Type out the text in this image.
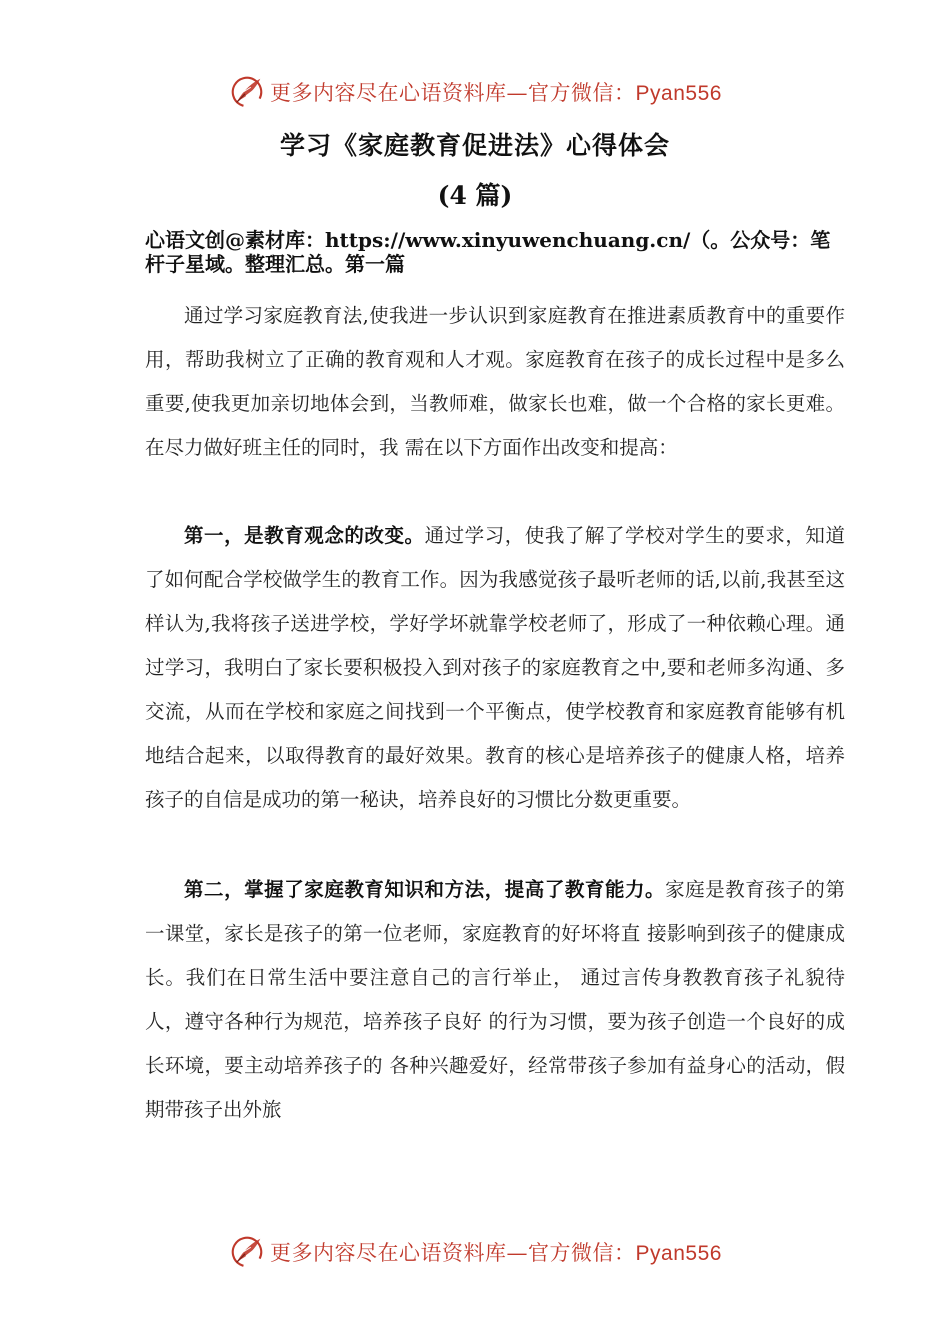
更多内容尽在心语资料库—官方微信：Pyan556
学习《家庭教育促进法》心得体会
(4 篇)
心语文创@素材库：https://www.xinyuwenchuang.cn/（。公众号：笔杆子星域。整理汇总。第一篇

通过学习家庭教育法,使我进一步认识到家庭教育在推进素质教育中的重要作用，帮助我树立了正确的教育观和人才观。家庭教育在孩子的成长过程中是多么重要,使我更加亲切地体会到，当教师难，做家长也难，做一个合格的家长更难。在尽力做好班主任的同时，我 需在以下方面作出改变和提高：

第一，是教育观念的改变。通过学习，使我了解了学校对学生的要求，知道了如何配合学校做学生的教育工作。因为我感觉孩子最听老师的话,以前,我甚至这样认为,我将孩子送进学校，学好学坏就靠学校老师了，形成了一种依赖心理。通过学习，我明白了家长要积极投入到对孩子的家庭教育之中,要和老师多沟通、多交流，从而在学校和家庭之间找到一个平衡点，使学校教育和家庭教育能够有机地结合起来，以取得教育的最好效果。教育的核心是培养孩子的健康人格，培养孩子的自信是成功的第一秘诀，培养良好的习惯比分数更重要。

第二，掌握了家庭教育知识和方法，提高了教育能力。家庭是教育孩子的第一课堂，家长是孩子的第一位老师，家庭教育的好坏将直 接影响到孩子的健康成长。我们在日常生活中要注意自己的言行举止， 通过言传身教教育孩子礼貌待人，遵守各种行为规范，培养孩子良好 的行为习惯，要为孩子创造一个良好的成长环境，要主动培养孩子的 各种兴趣爱好，经常带孩子参加有益身心的活动，假期带孩子出外旅

更多内容尽在心语资料库—官方微信：Pyan556
